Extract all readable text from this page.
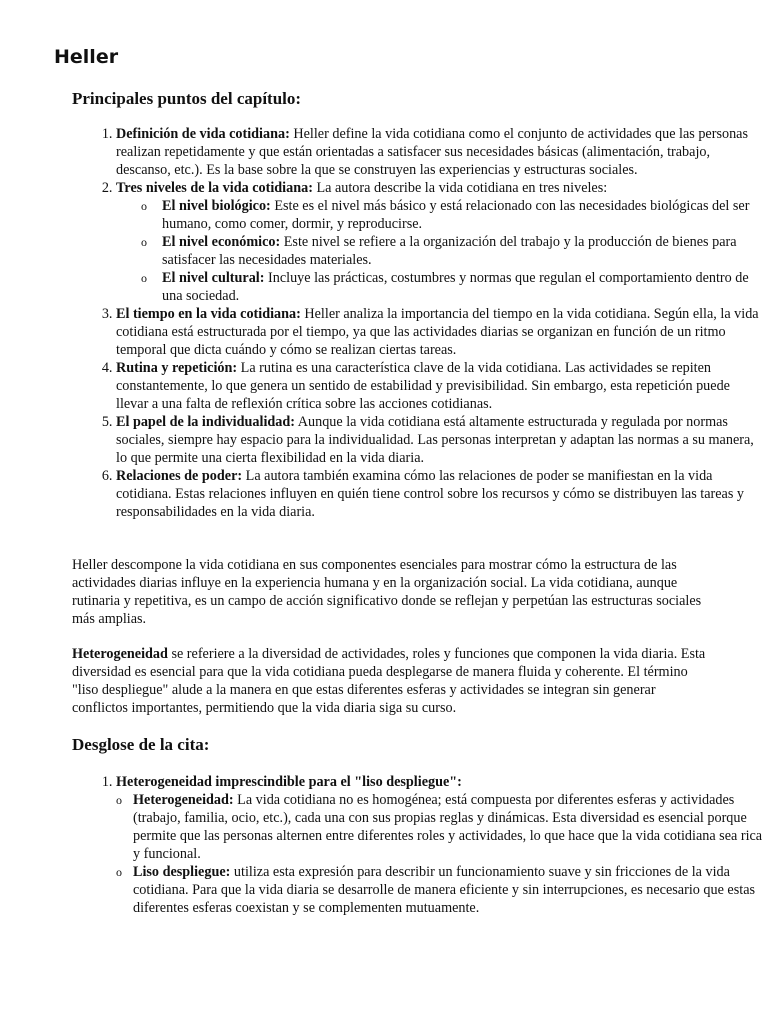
Heller
Principales puntos del capítulo:
1. Definición de vida cotidiana: Heller define la vida cotidiana como el conjunto de actividades que las personas realizan repetidamente y que están orientadas a satisfacer sus necesidades básicas (alimentación, trabajo, descanso, etc.). Es la base sobre la que se construyen las experiencias y estructuras sociales.
2. Tres niveles de la vida cotidiana: La autora describe la vida cotidiana en tres niveles:
o El nivel biológico: Este es el nivel más básico y está relacionado con las necesidades biológicas del ser humano, como comer, dormir, y reproducirse.
o El nivel económico: Este nivel se refiere a la organización del trabajo y la producción de bienes para satisfacer las necesidades materiales.
o El nivel cultural: Incluye las prácticas, costumbres y normas que regulan el comportamiento dentro de una sociedad.
3. El tiempo en la vida cotidiana: Heller analiza la importancia del tiempo en la vida cotidiana. Según ella, la vida cotidiana está estructurada por el tiempo, ya que las actividades diarias se organizan en función de un ritmo temporal que dicta cuándo y cómo se realizan ciertas tareas.
4. Rutina y repetición: La rutina es una característica clave de la vida cotidiana. Las actividades se repiten constantemente, lo que genera un sentido de estabilidad y previsibilidad. Sin embargo, esta repetición puede llevar a una falta de reflexión crítica sobre las acciones cotidianas.
5. El papel de la individualidad: Aunque la vida cotidiana está altamente estructurada y regulada por normas sociales, siempre hay espacio para la individualidad. Las personas interpretan y adaptan las normas a su manera, lo que permite una cierta flexibilidad en la vida diaria.
6. Relaciones de poder: La autora también examina cómo las relaciones de poder se manifiestan en la vida cotidiana. Estas relaciones influyen en quién tiene control sobre los recursos y cómo se distribuyen las tareas y responsabilidades en la vida diaria.

Heller descompone la vida cotidiana en sus componentes esenciales para mostrar cómo la estructura de las actividades diarias influye en la experiencia humana y en la organización social. La vida cotidiana, aunque rutinaria y repetitiva, es un campo de acción significativo donde se reflejan y perpetúan las estructuras sociales más amplias.

Heterogeneidad se referiere a la diversidad de actividades, roles y funciones que componen la vida diaria. Esta diversidad es esencial para que la vida cotidiana pueda desplegarse de manera fluida y coherente. El término "liso despliegue" alude a la manera en que estas diferentes esferas y actividades se integran sin generar conflictos importantes, permitiendo que la vida diaria siga su curso.

Desglose de la cita:
1. Heterogeneidad imprescindible para el "liso despliegue":
o Heterogeneidad: La vida cotidiana no es homogénea; está compuesta por diferentes esferas y actividades (trabajo, familia, ocio, etc.), cada una con sus propias reglas y dinámicas. Esta diversidad es esencial porque permite que las personas alternen entre diferentes roles y actividades, lo que hace que la vida cotidiana sea rica y funcional.
o Liso despliegue: utiliza esta expresión para describir un funcionamiento suave y sin fricciones de la vida cotidiana. Para que la vida diaria se desarrolle de manera eficiente y sin interrupciones, es necesario que estas diferentes esferas coexistan y se complementen mutuamente.
